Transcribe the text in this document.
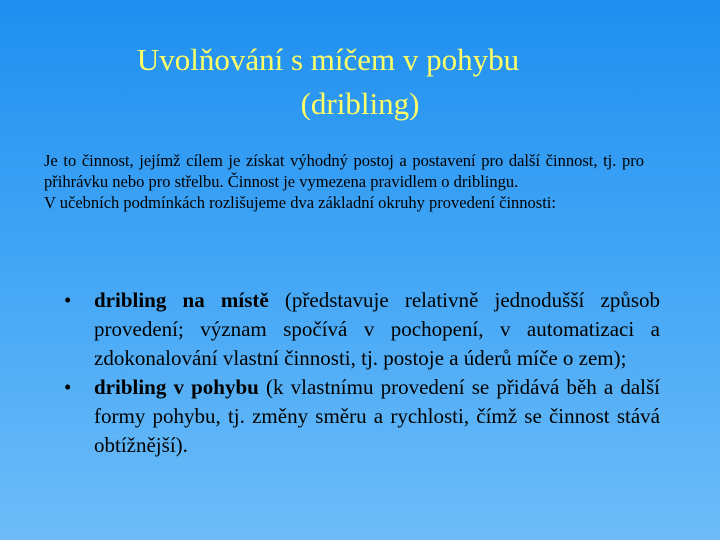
Uvolňování s míčem v pohybu
(dribling)

Je to činnost, jejímž cílem je získat výhodný postoj a postavení pro další činnost, tj. pro přihrávku nebo pro střelbu. Činnost je vymezena pravidlem o driblingu.

V učebních podmínkách rozlišujeme dva základní okruhy provedení činnosti:

• dribling na místě (představuje relativně jednodušší způsob provedení; význam spočívá v pochopení, v automatizaci a zdokonalování vlastní činnosti, tj. postoje a úderů míče o zem);
• dribling v pohybu (k vlastnímu provedení se přidává běh a další formy pohybu, tj. změny směru a rychlosti, čímž se činnost stává obtížnější).
